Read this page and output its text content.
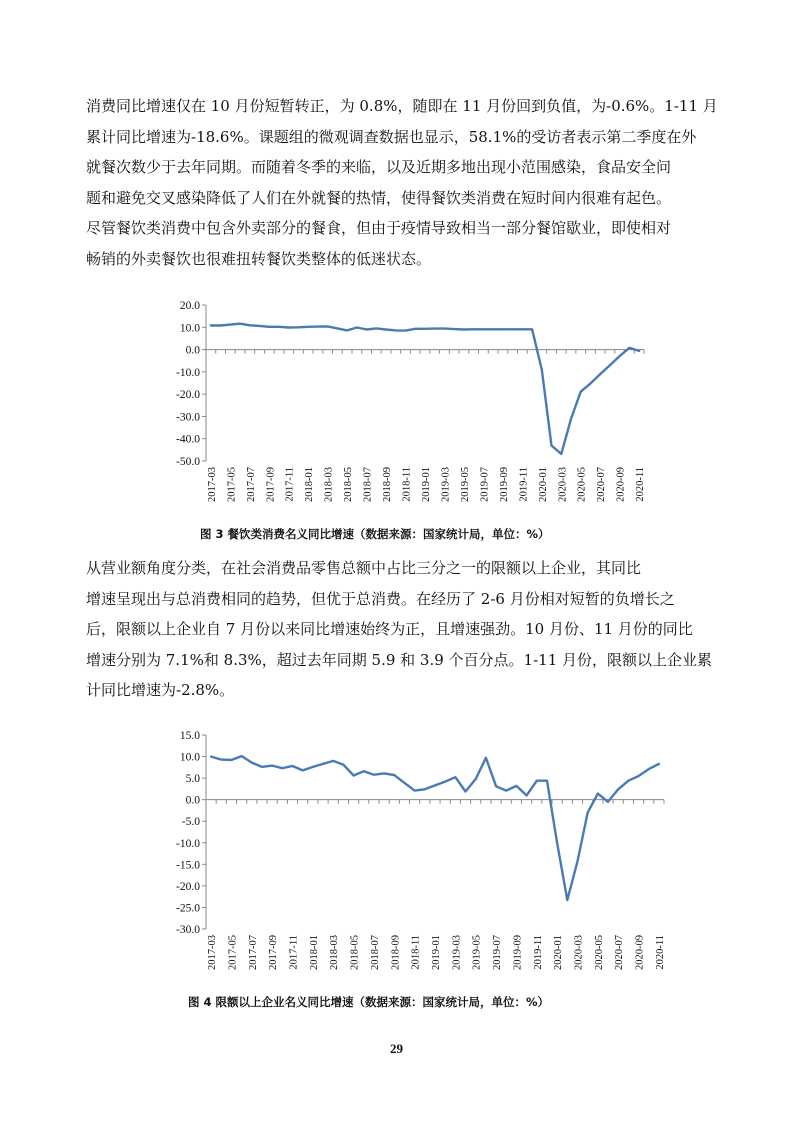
消费同比增速仅在 10 月份短暂转正，为 0.8%，随即在 11 月份回到负值，为-0.6%。1-11 月
累计同比增速为-18.6%。课题组的微观调查数据也显示，58.1%的受访者表示第二季度在外
就餐次数少于去年同期。而随着冬季的来临，以及近期多地出现小范围感染，食品安全问
题和避免交叉感染降低了人们在外就餐的热情，使得餐饮类消费在短时间内很难有起色。
尽管餐饮类消费中包含外卖部分的餐食，但由于疫情导致相当一部分餐馆歇业，即使相对
畅销的外卖餐饮也很难扭转餐饮类整体的低迷状态。

20.0
10.0
0.0
-10.0
-20.0
-30.0
-40.0
-50.0
2017-03 2017-05 2017-07 2017-09 2017-11 2018-01 2018-03 2018-05 2018-07 2018-09 2018-11 2019-01 2019-03 2019-05 2019-07 2019-09 2019-11 2020-01 2020-03 2020-05 2020-07 2020-09 2020-11
图 3 餐饮类消费名义同比增速（数据来源：国家统计局，单位：%）

从营业额角度分类，在社会消费品零售总额中占比三分之一的限额以上企业，其同比
增速呈现出与总消费相同的趋势，但优于总消费。在经历了 2-6 月份相对短暂的负增长之
后，限额以上企业自 7 月份以来同比增速始终为正，且增速强劲。10 月份、11 月份的同比
增速分别为 7.1%和 8.3%，超过去年同期 5.9 和 3.9 个百分点。1-11 月份，限额以上企业累
计同比增速为-2.8%。

15.0
10.0
5.0
0.0
-5.0
-10.0
-15.0
-20.0
-25.0
-30.0
2017-03 2017-05 2017-07 2017-09 2017-11 2018-01 2018-03 2018-05 2018-07 2018-09 2018-11 2019-01 2019-03 2019-05 2019-07 2019-09 2019-11 2020-01 2020-03 2020-05 2020-07 2020-09 2020-11
图 4 限额以上企业名义同比增速（数据来源：国家统计局，单位：%）
29
